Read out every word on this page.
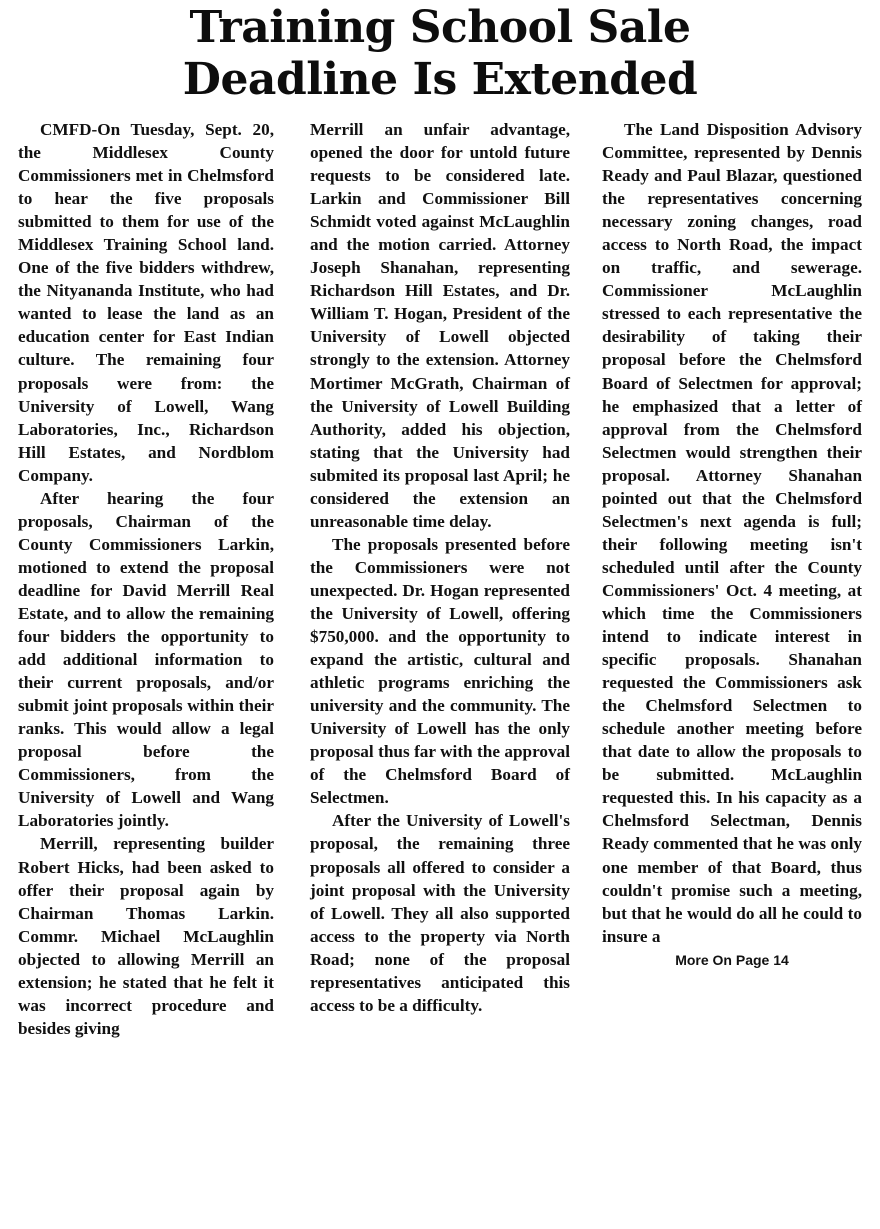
Training School Sale
Deadline Is Extended

CMFD-On Tuesday, Sept. 20, the Middlesex County Commissioners met in Chelmsford to hear the five proposals submitted to them for use of the Middlesex Training School land. One of the five bidders withdrew, the Nityananda Institute, who had wanted to lease the land as an education center for East Indian culture. The remaining four proposals were from: the University of Lowell, Wang Laboratories, Inc., Richardson Hill Estates, and Nordblom Company.

After hearing the four proposals, Chairman of the County Commissioners Larkin, motioned to extend the proposal deadline for David Merrill Real Estate, and to allow the remaining four bidders the opportunity to add additional information to their current proposals, and/or submit joint proposals within their ranks. This would allow a legal proposal before the Commissioners, from the University of Lowell and Wang Laboratories jointly.

Merrill, representing builder Robert Hicks, had been asked to offer their proposal again by Chairman Thomas Larkin. Commr. Michael McLaughlin objected to allowing Merrill an extension; he stated that he felt it was incorrect procedure and besides giving

Merrill an unfair advantage, opened the door for untold future requests to be considered late. Larkin and Commissioner Bill Schmidt voted against McLaughlin and the motion carried. Attorney Joseph Shanahan, representing Richardson Hill Estates, and Dr. William T. Hogan, President of the University of Lowell objected strongly to the extension. Attorney Mortimer McGrath, Chairman of the University of Lowell Building Authority, added his objection, stating that the University had submited its proposal last April; he considered the extension an unreasonable time delay.

The proposals presented before the Commissioners were not unexpected. Dr. Hogan represented the University of Lowell, offering $750,000. and the opportunity to expand the artistic, cultural and athletic programs enriching the university and the community. The University of Lowell has the only proposal thus far with the approval of the Chelmsford Board of Selectmen.

After the University of Lowell's proposal, the remaining three proposals all offered to consider a joint proposal with the University of Lowell. They all also supported access to the property via North Road; none of the proposal representatives anticipated this access to be a difficulty.

The Land Disposition Advisory Committee, represented by Dennis Ready and Paul Blazar, questioned the representatives concerning necessary zoning changes, road access to North Road, the impact on traffic, and sewerage. Commissioner McLaughlin stressed to each representative the desirability of taking their proposal before the Chelmsford Board of Selectmen for approval; he emphasized that a letter of approval from the Chelmsford Selectmen would strengthen their proposal. Attorney Shanahan pointed out that the Chelmsford Selectmen's next agenda is full; their following meeting isn't scheduled until after the County Commissioners' Oct. 4 meeting, at which time the Commissioners intend to indicate interest in specific proposals. Shanahan requested the Commissioners ask the Chelmsford Selectmen to schedule another meeting before that date to allow the proposals to be submitted. McLaughlin requested this. In his capacity as a Chelmsford Selectman, Dennis Ready commented that he was only one member of that Board, thus couldn't promise such a meeting, but that he would do all he could to insure a

More On Page 14
